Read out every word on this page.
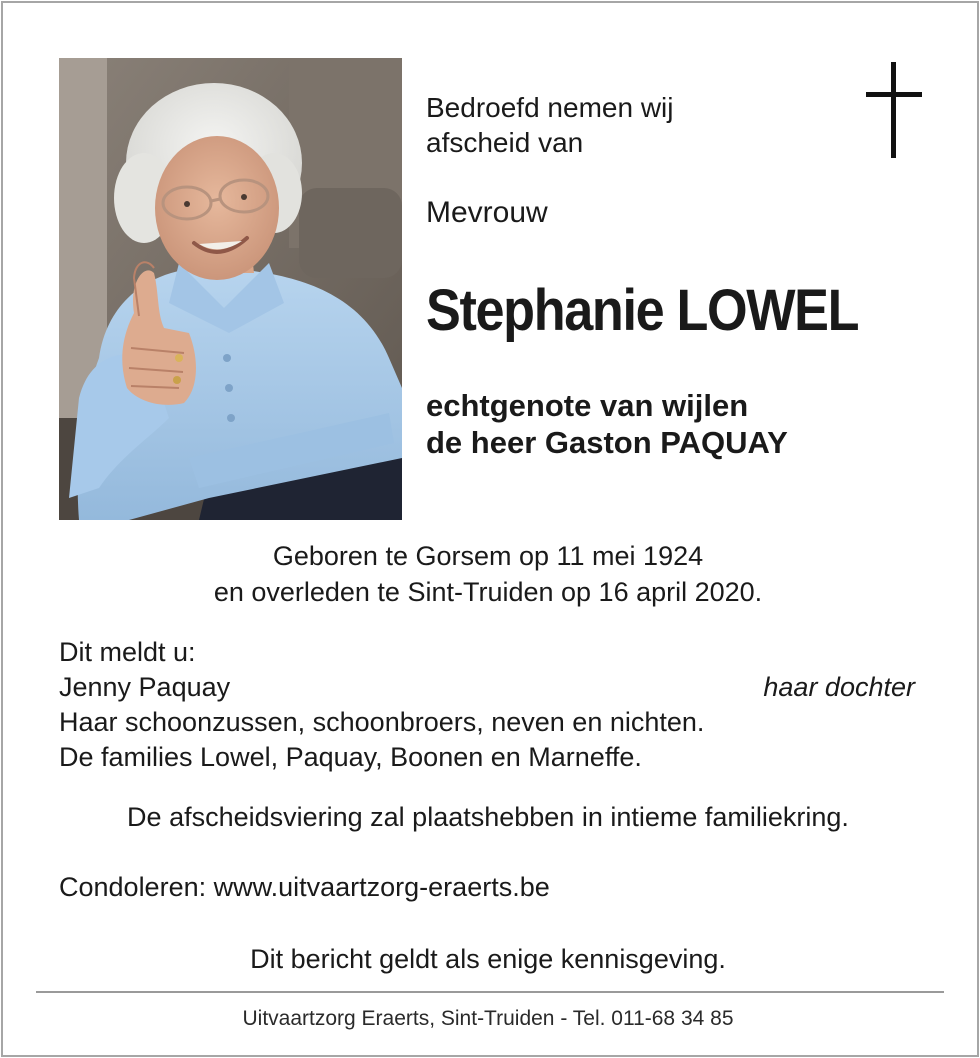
Bedroefd nemen wij
afscheid van
Mevrouw
Stephanie LOWEL
echtgenote van wijlen
de heer Gaston PAQUAY
Geboren te Gorsem op 11 mei 1924
en overleden te Sint-Truiden op 16 april 2020.
Dit meldt u:
Jenny Paquay	haar dochter
Haar schoonzussen, schoonbroers, neven en nichten.
De families Lowel, Paquay, Boonen en Marneffe.
De afscheidsviering zal plaatshebben in intieme familiekring.
Condoleren: www.uitvaartzorg-eraerts.be
Dit bericht geldt als enige kennisgeving.
Uitvaartzorg Eraerts, Sint-Truiden - Tel. 011-68 34 85
